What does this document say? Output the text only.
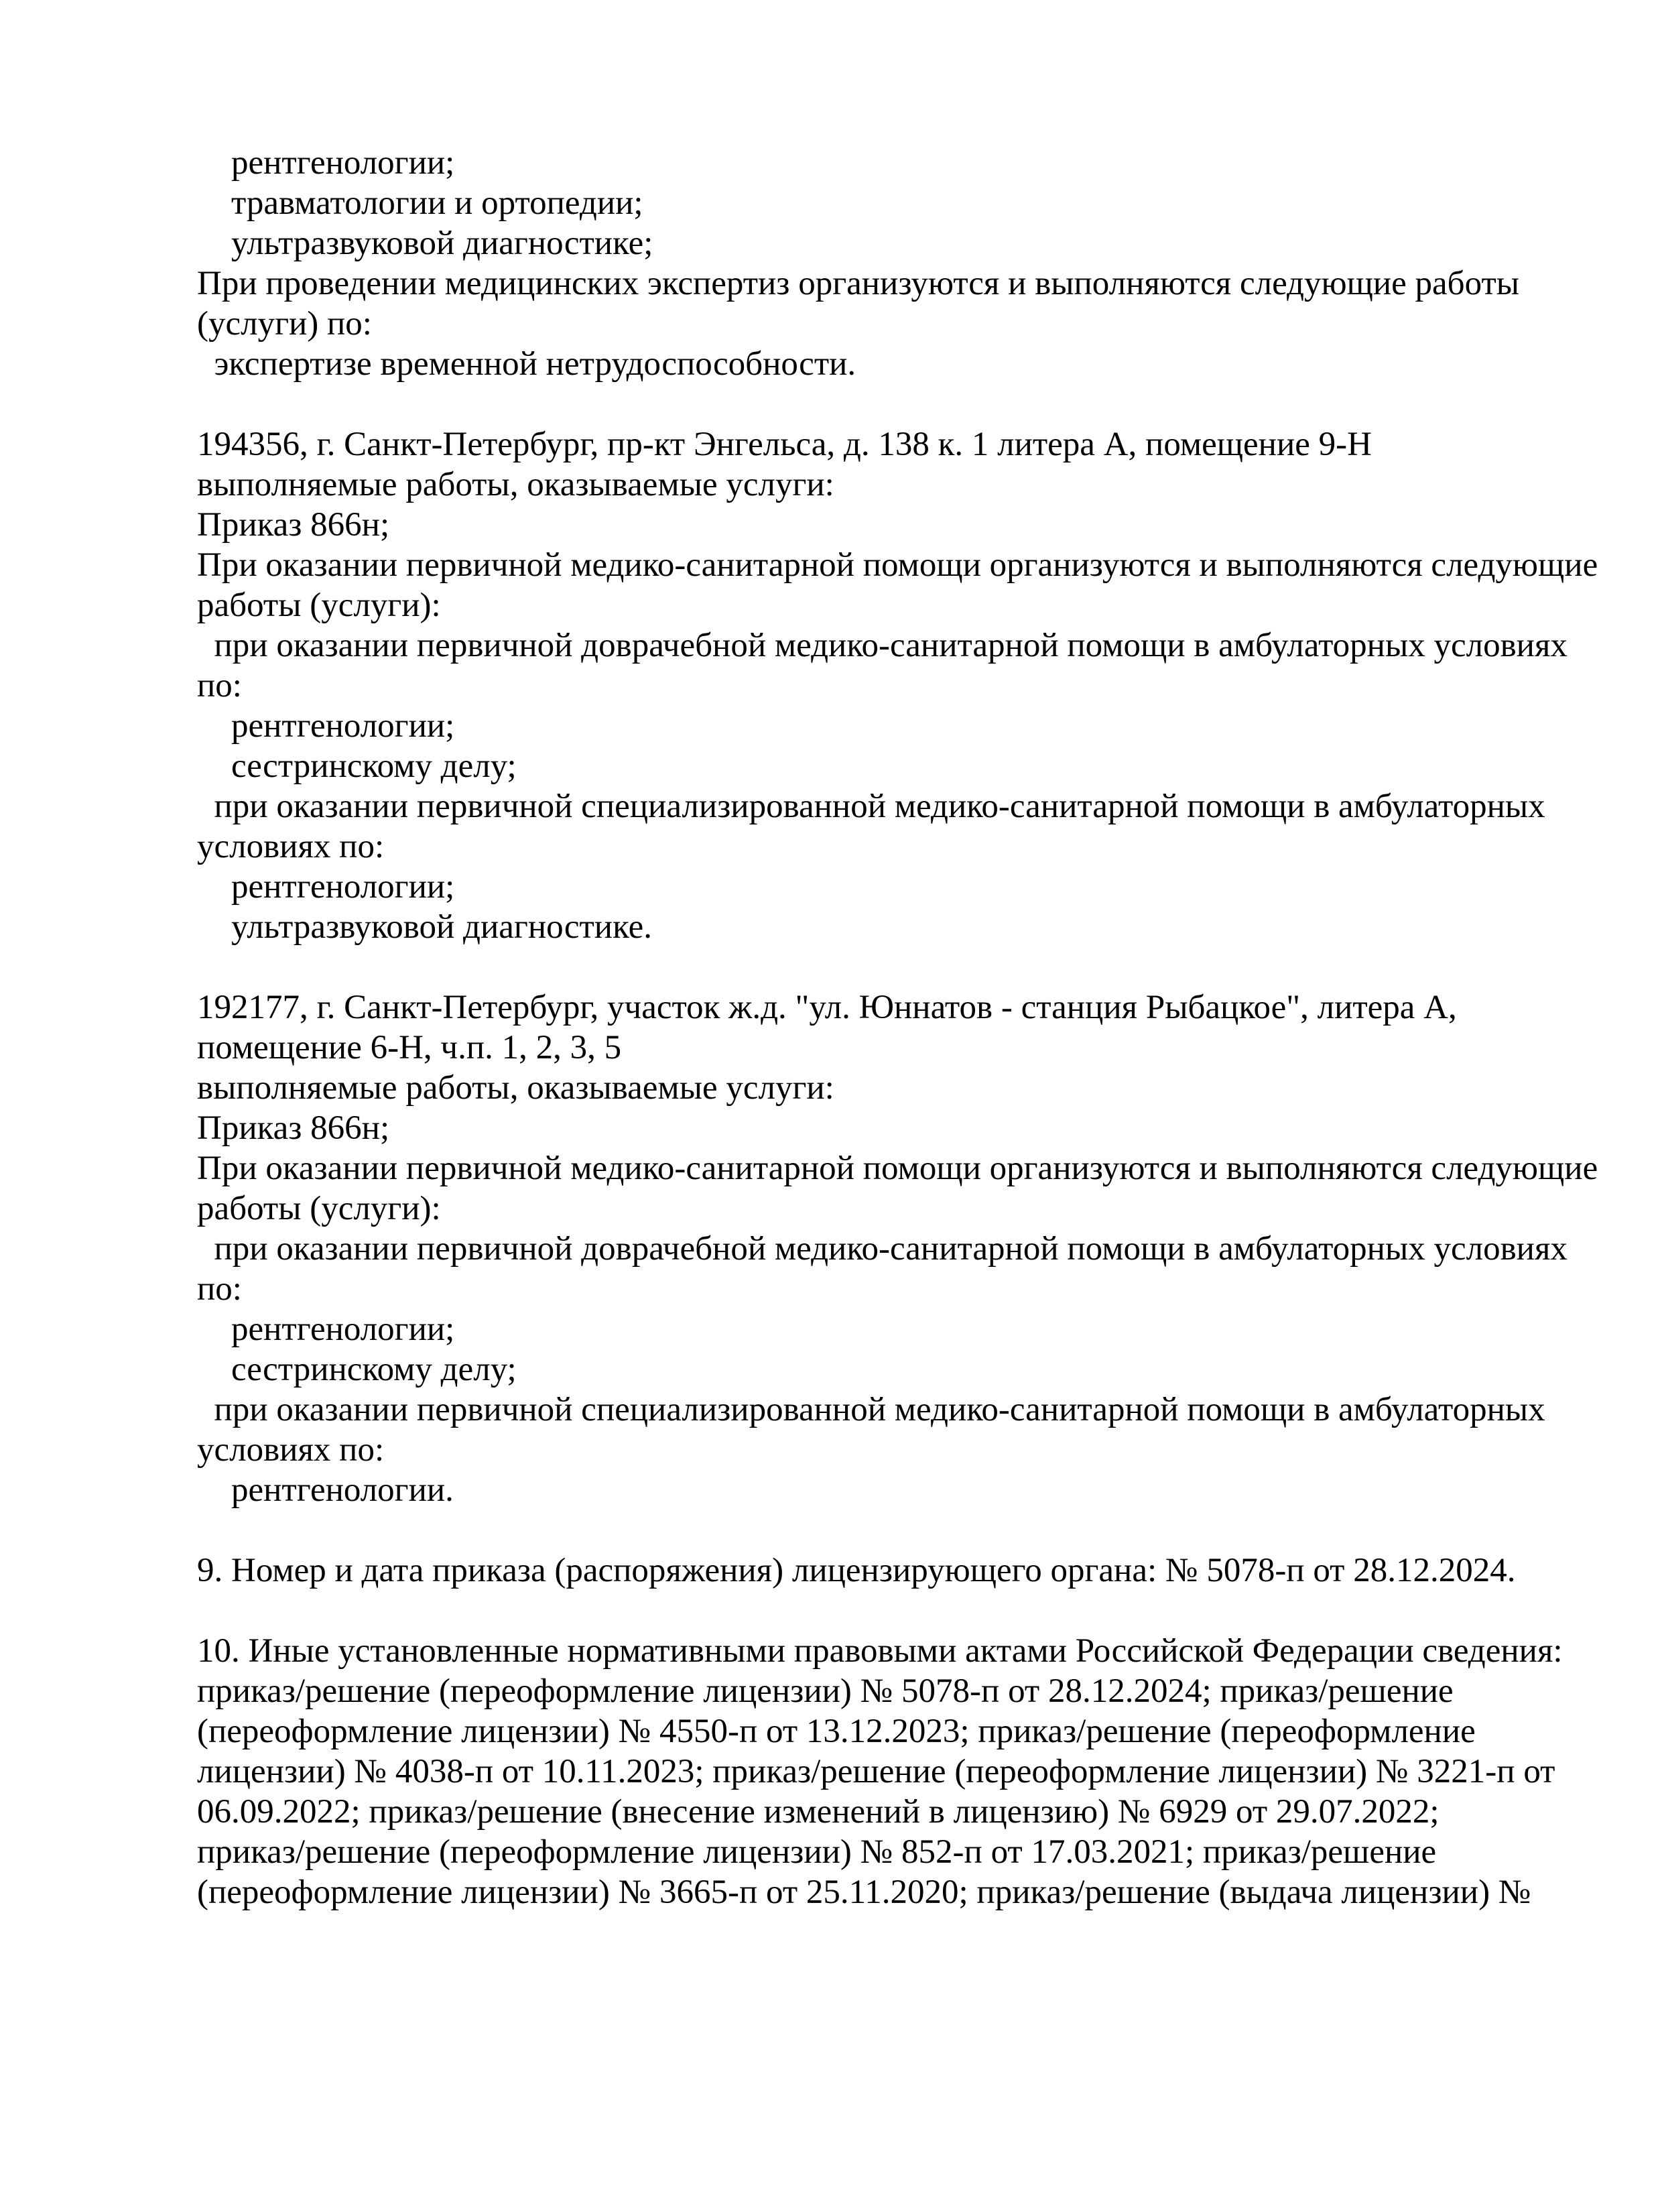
рентгенологии;
травматологии и ортопедии;
ультразвуковой диагностике;
При проведении медицинских экспертиз организуются и выполняются следующие работы
(услуги) по:
экспертизе временной нетрудоспособности.
194356, г. Санкт-Петербург, пр-кт Энгельса, д. 138 к. 1 литера А, помещение 9-Н
выполняемые работы, оказываемые услуги:
Приказ 866н;
При оказании первичной медико-санитарной помощи организуются и выполняются следующие
работы (услуги):
при оказании первичной доврачебной медико-санитарной помощи в амбулаторных условиях
по:
рентгенологии;
сестринскому делу;
при оказании первичной специализированной медико-санитарной помощи в амбулаторных
условиях по:
рентгенологии;
ультразвуковой диагностике.
192177, г. Санкт-Петербург, участок ж.д. "ул. Юннатов - станция Рыбацкое", литера А,
помещение 6-Н, ч.п. 1, 2, 3, 5
выполняемые работы, оказываемые услуги:
Приказ 866н;
При оказании первичной медико-санитарной помощи организуются и выполняются следующие
работы (услуги):
при оказании первичной доврачебной медико-санитарной помощи в амбулаторных условиях
по:
рентгенологии;
сестринскому делу;
при оказании первичной специализированной медико-санитарной помощи в амбулаторных
условиях по:
рентгенологии.
9. Номер и дата приказа (распоряжения) лицензирующего органа: № 5078-п от 28.12.2024.
10. Иные установленные нормативными правовыми актами Российской Федерации сведения:
приказ/решение (переоформление лицензии) № 5078-п от 28.12.2024; приказ/решение
(переоформление лицензии) № 4550-п от 13.12.2023; приказ/решение (переоформление
лицензии) № 4038-п от 10.11.2023; приказ/решение (переоформление лицензии) № 3221-п от
06.09.2022; приказ/решение (внесение изменений в лицензию) № 6929 от 29.07.2022;
приказ/решение (переоформление лицензии) № 852-п от 17.03.2021; приказ/решение
(переоформление лицензии) № 3665-п от 25.11.2020; приказ/решение (выдача лицензии) №
